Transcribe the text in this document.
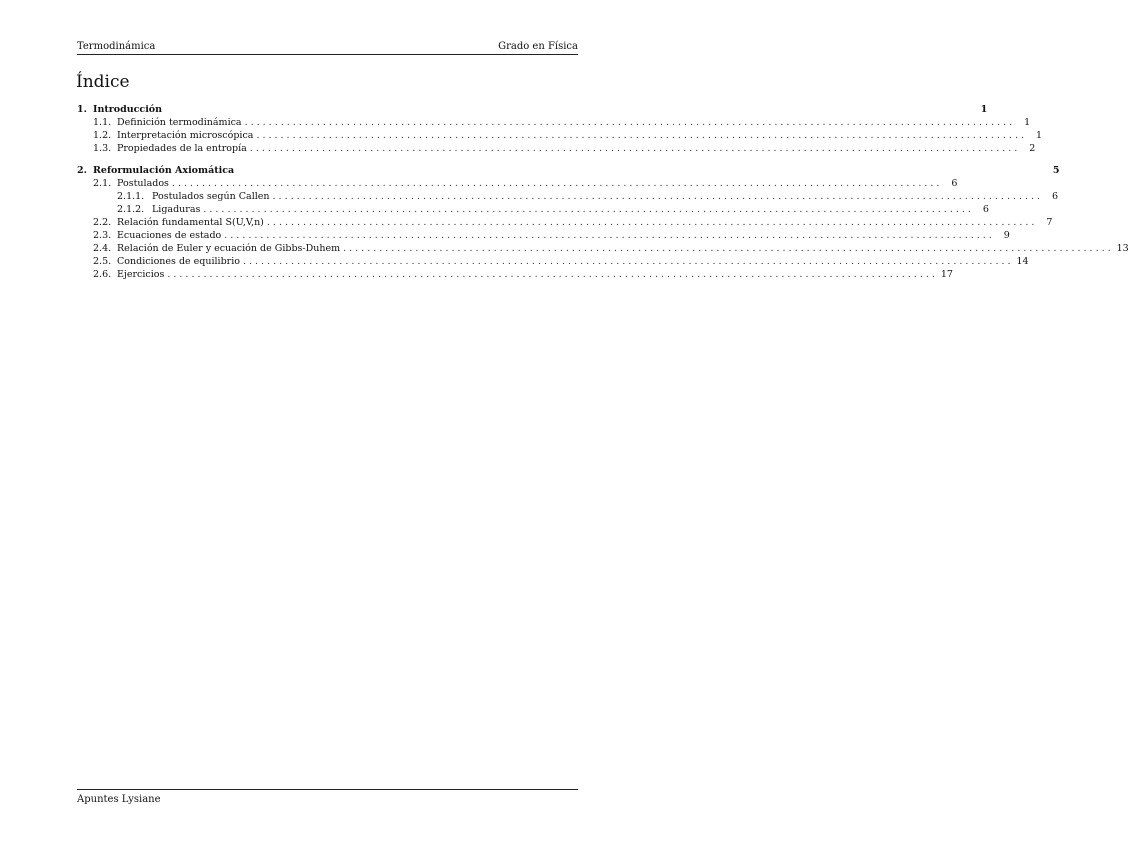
Termodinámica	Grado en Física
Índice
1. Introducción	1
1.1. Definición termodinámica ................................................................................................................................ 1
1.2. Interpretación microscópica ................................................................................................................................ 1
1.3. Propiedades de la entropía ................................................................................................................................ 2
2. Reformulación Axiomática	5
2.1. Postulados ................................................................................................................................ 6
2.1.1. Postulados según Callen ................................................................................................................................ 6
2.1.2. Ligaduras ................................................................................................................................ 6
2.2. Relación fundamental S(U,V,n) ................................................................................................................................ 7
2.3. Ecuaciones de estado ................................................................................................................................ 9
2.4. Relación de Euler y ecuación de Gibbs-Duhem ................................................................................................................................ 13
2.5. Condiciones de equilibrio ................................................................................................................................ 14
2.6. Ejercicios ................................................................................................................................ 17
Apuntes Lysiane
